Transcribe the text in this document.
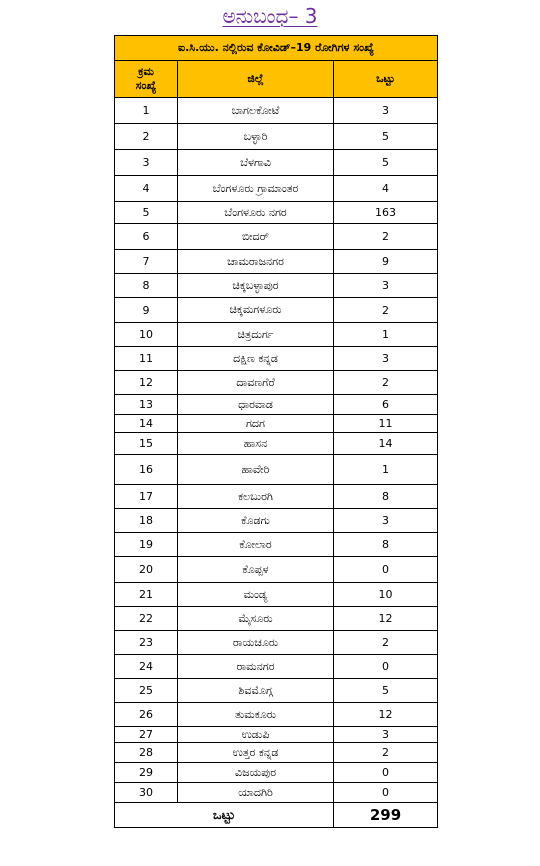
ಅನುಬಂಧ– 3
ಐ.ಸಿ.ಯು. ನಲ್ಲಿರುವ ಕೋವಿಡ್–19 ರೋಗಿಗಳ ಸಂಖ್ಯೆ		

ಕ್ರಮ
ಸಂಖ್ಯೆ	ಜಿಲ್ಲೆ	ಒಟ್ಟು
1	ಬಾಗಲಕೋಟೆ	3
2	ಬಳ್ಳಾರಿ	5
3	ಬೆಳಗಾವಿ	5
4	ಬೆಂಗಳೂರು ಗ್ರಾಮಾಂತರ	4
5	ಬೆಂಗಳೂರು ನಗರ	163
6	ಬೀದರ್	2
7	ಚಾಮರಾಜನಗರ	9
8	ಚಿಕ್ಕಬಳ್ಳಾಪುರ	3
9	ಚಿಕ್ಕಮಗಳೂರು	2
10	ಚಿತ್ರದುರ್ಗ	1
11	ದಕ್ಷಿಣ ಕನ್ನಡ	3
12	ದಾವಣಗೆರೆ	2
13	ಧಾರವಾಡ	6
14	ಗದಗ	11
15	ಹಾಸನ	14
16	ಹಾವೇರಿ	1
17	ಕಲಬುರಗಿ	8
18	ಕೊಡಗು	3
19	ಕೋಲಾರ	8
20	ಕೊಪ್ಪಳ	0
21	ಮಂಡ್ಯ	10
22	ಮೈಸೂರು	12
23	ರಾಯಚೂರು	2
24	ರಾಮನಗರ	0
25	ಶಿವಮೊಗ್ಗ	5
26	ತುಮಕೂರು	12
27	ಉಡುಪಿ	3
28	ಉತ್ತರ ಕನ್ನಡ	2
29	ವಿಜಯಪುರ	0
30	ಯಾದಗಿರಿ	0
ಒಟ್ಟು		299
